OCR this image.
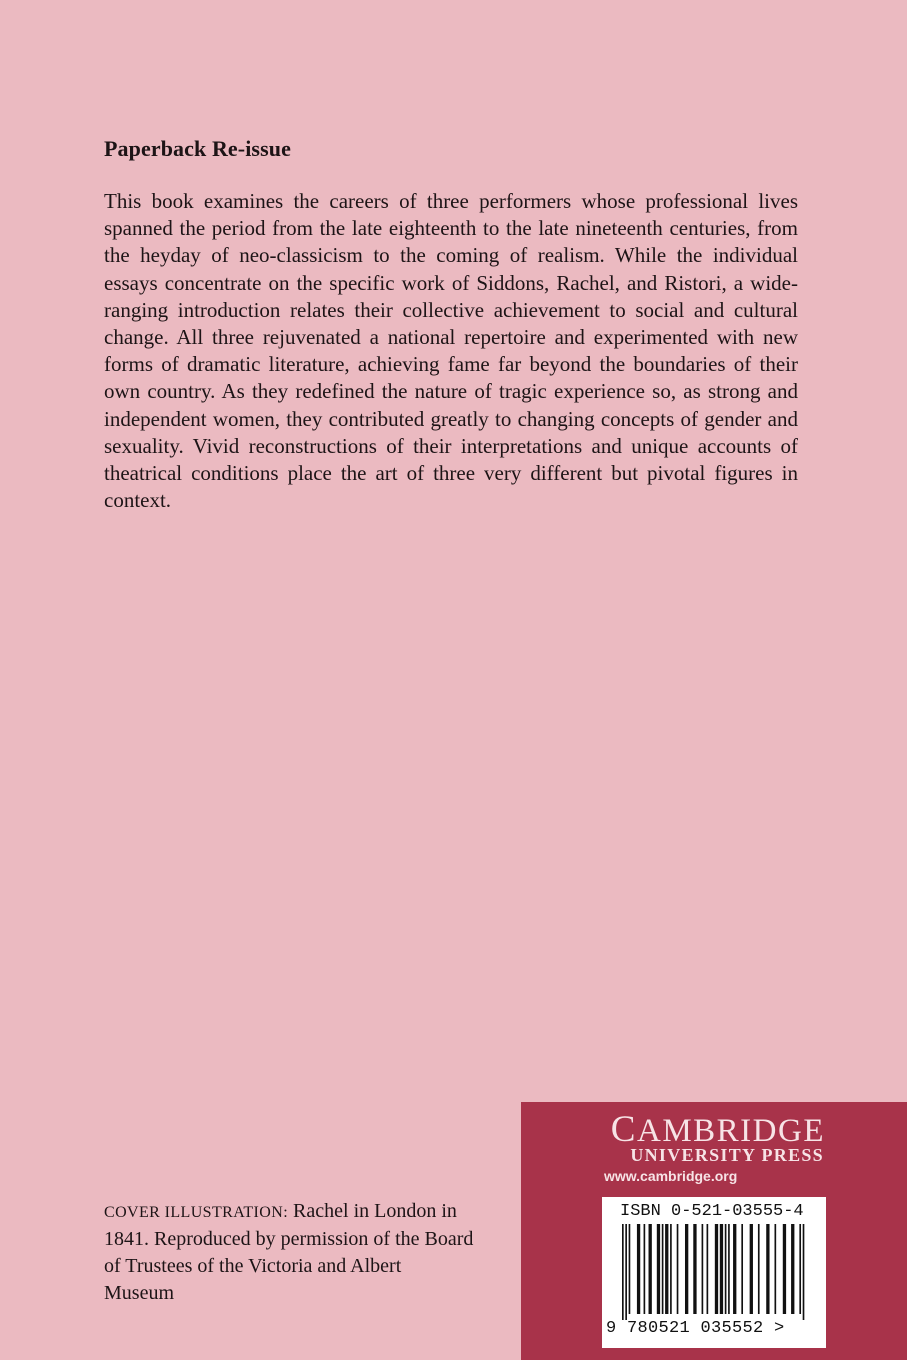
Paperback Re-issue

This book examines the careers of three performers whose professional lives spanned the period from the late eighteenth to the late nineteenth centuries, from the heyday of neo-classicism to the coming of realism. While the individual essays concentrate on the specific work of Siddons, Rachel, and Ristori, a wide-ranging introduction relates their collective achievement to social and cultural change. All three rejuvenated a national repertoire and experimented with new forms of dramatic literature, achieving fame far beyond the boundaries of their own country. As they redefined the nature of tragic experience so, as strong and independent women, they contributed greatly to changing concepts of gender and sexuality. Vivid reconstructions of their interpretations and unique accounts of theatrical conditions place the art of three very different but pivotal figures in context.

COVER ILLUSTRATION: Rachel in London in 1841. Reproduced by permission of the Board of Trustees of the Victoria and Albert Museum

CAMBRIDGE
UNIVERSITY PRESS
www.cambridge.org
ISBN 0-521-03555-4
9 780521 035552 >
